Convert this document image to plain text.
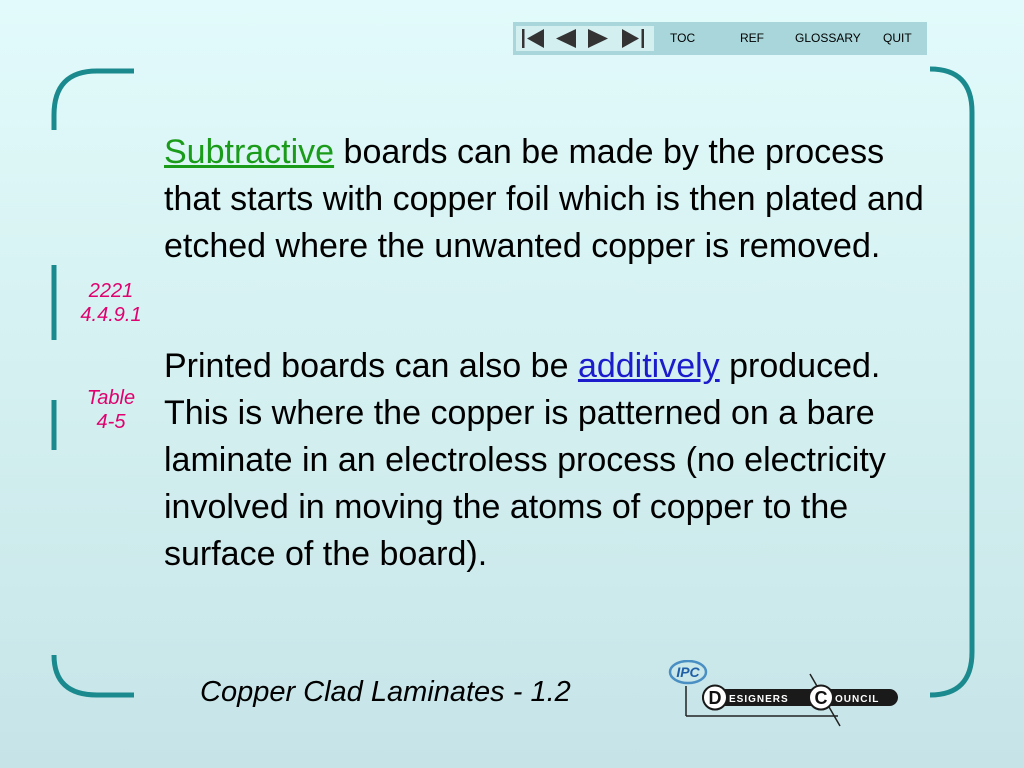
TOC	REF	GLOSSARY QUIT
Subtractive boards can be made by the process that starts with copper foil which is then plated and etched where the unwanted copper is removed.
Printed boards can also be additively produced. This is where the copper is patterned on a bare laminate in an electroless process (no electricity involved in moving the atoms of copper to the surface of the board).
2221
4.4.9.1
Table
4-5
Copper Clad Laminates - 1.2
IPC
D ESIGNERS C OUNCIL
